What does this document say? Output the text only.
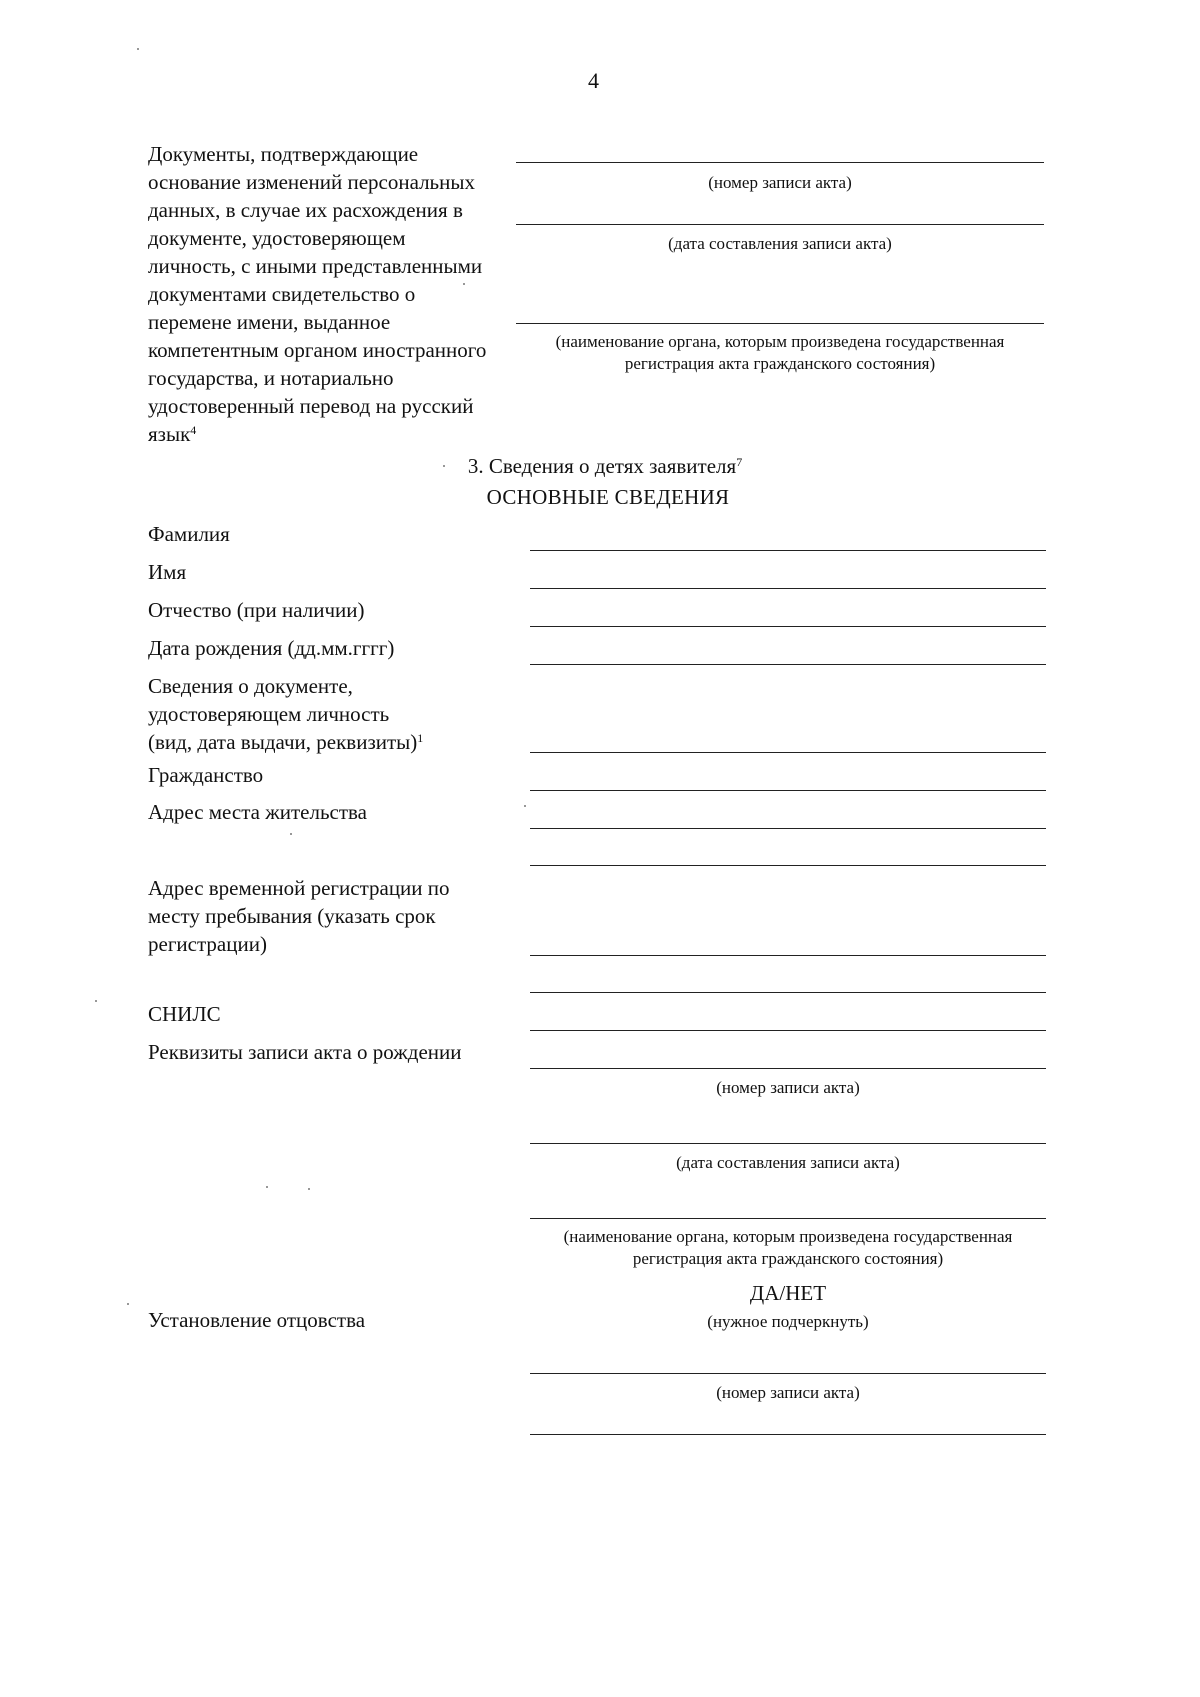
4
Документы, подтверждающие
основание изменений персональных
данных, в случае их расхождения в
документе, удостоверяющем
личность, с иными представленными
документами свидетельство о
перемене имени, выданное
компетентным органом иностранного
государства, и нотариально
удостоверенный перевод на русский
язык$^4$
(номер записи акта)
(дата составления записи акта)
(наименование органа, которым произведена государственная
регистрация акта гражданского состояния)
3. Сведения о детях заявителя$^7$
ОСНОВНЫЕ СВЕДЕНИЯ
Фамилия
Имя
Отчество (при наличии)
Дата рождения (дд.мм.гггг)
Сведения о документе,
удостоверяющем личность
(вид, дата выдачи, реквизиты)$^1$
Гражданство
Адрес места жительства
Адрес временной регистрации по
месту пребывания (указать срок
регистрации)
СНИЛС
Реквизиты записи акта о рождении
(номер записи акта)
(дата составления записи акта)
(наименование органа, которым произведена государственная
регистрация акта гражданского состояния)
ДА/НЕТ
Установление отцовства	(нужное подчеркнуть)
(номер записи акта)
